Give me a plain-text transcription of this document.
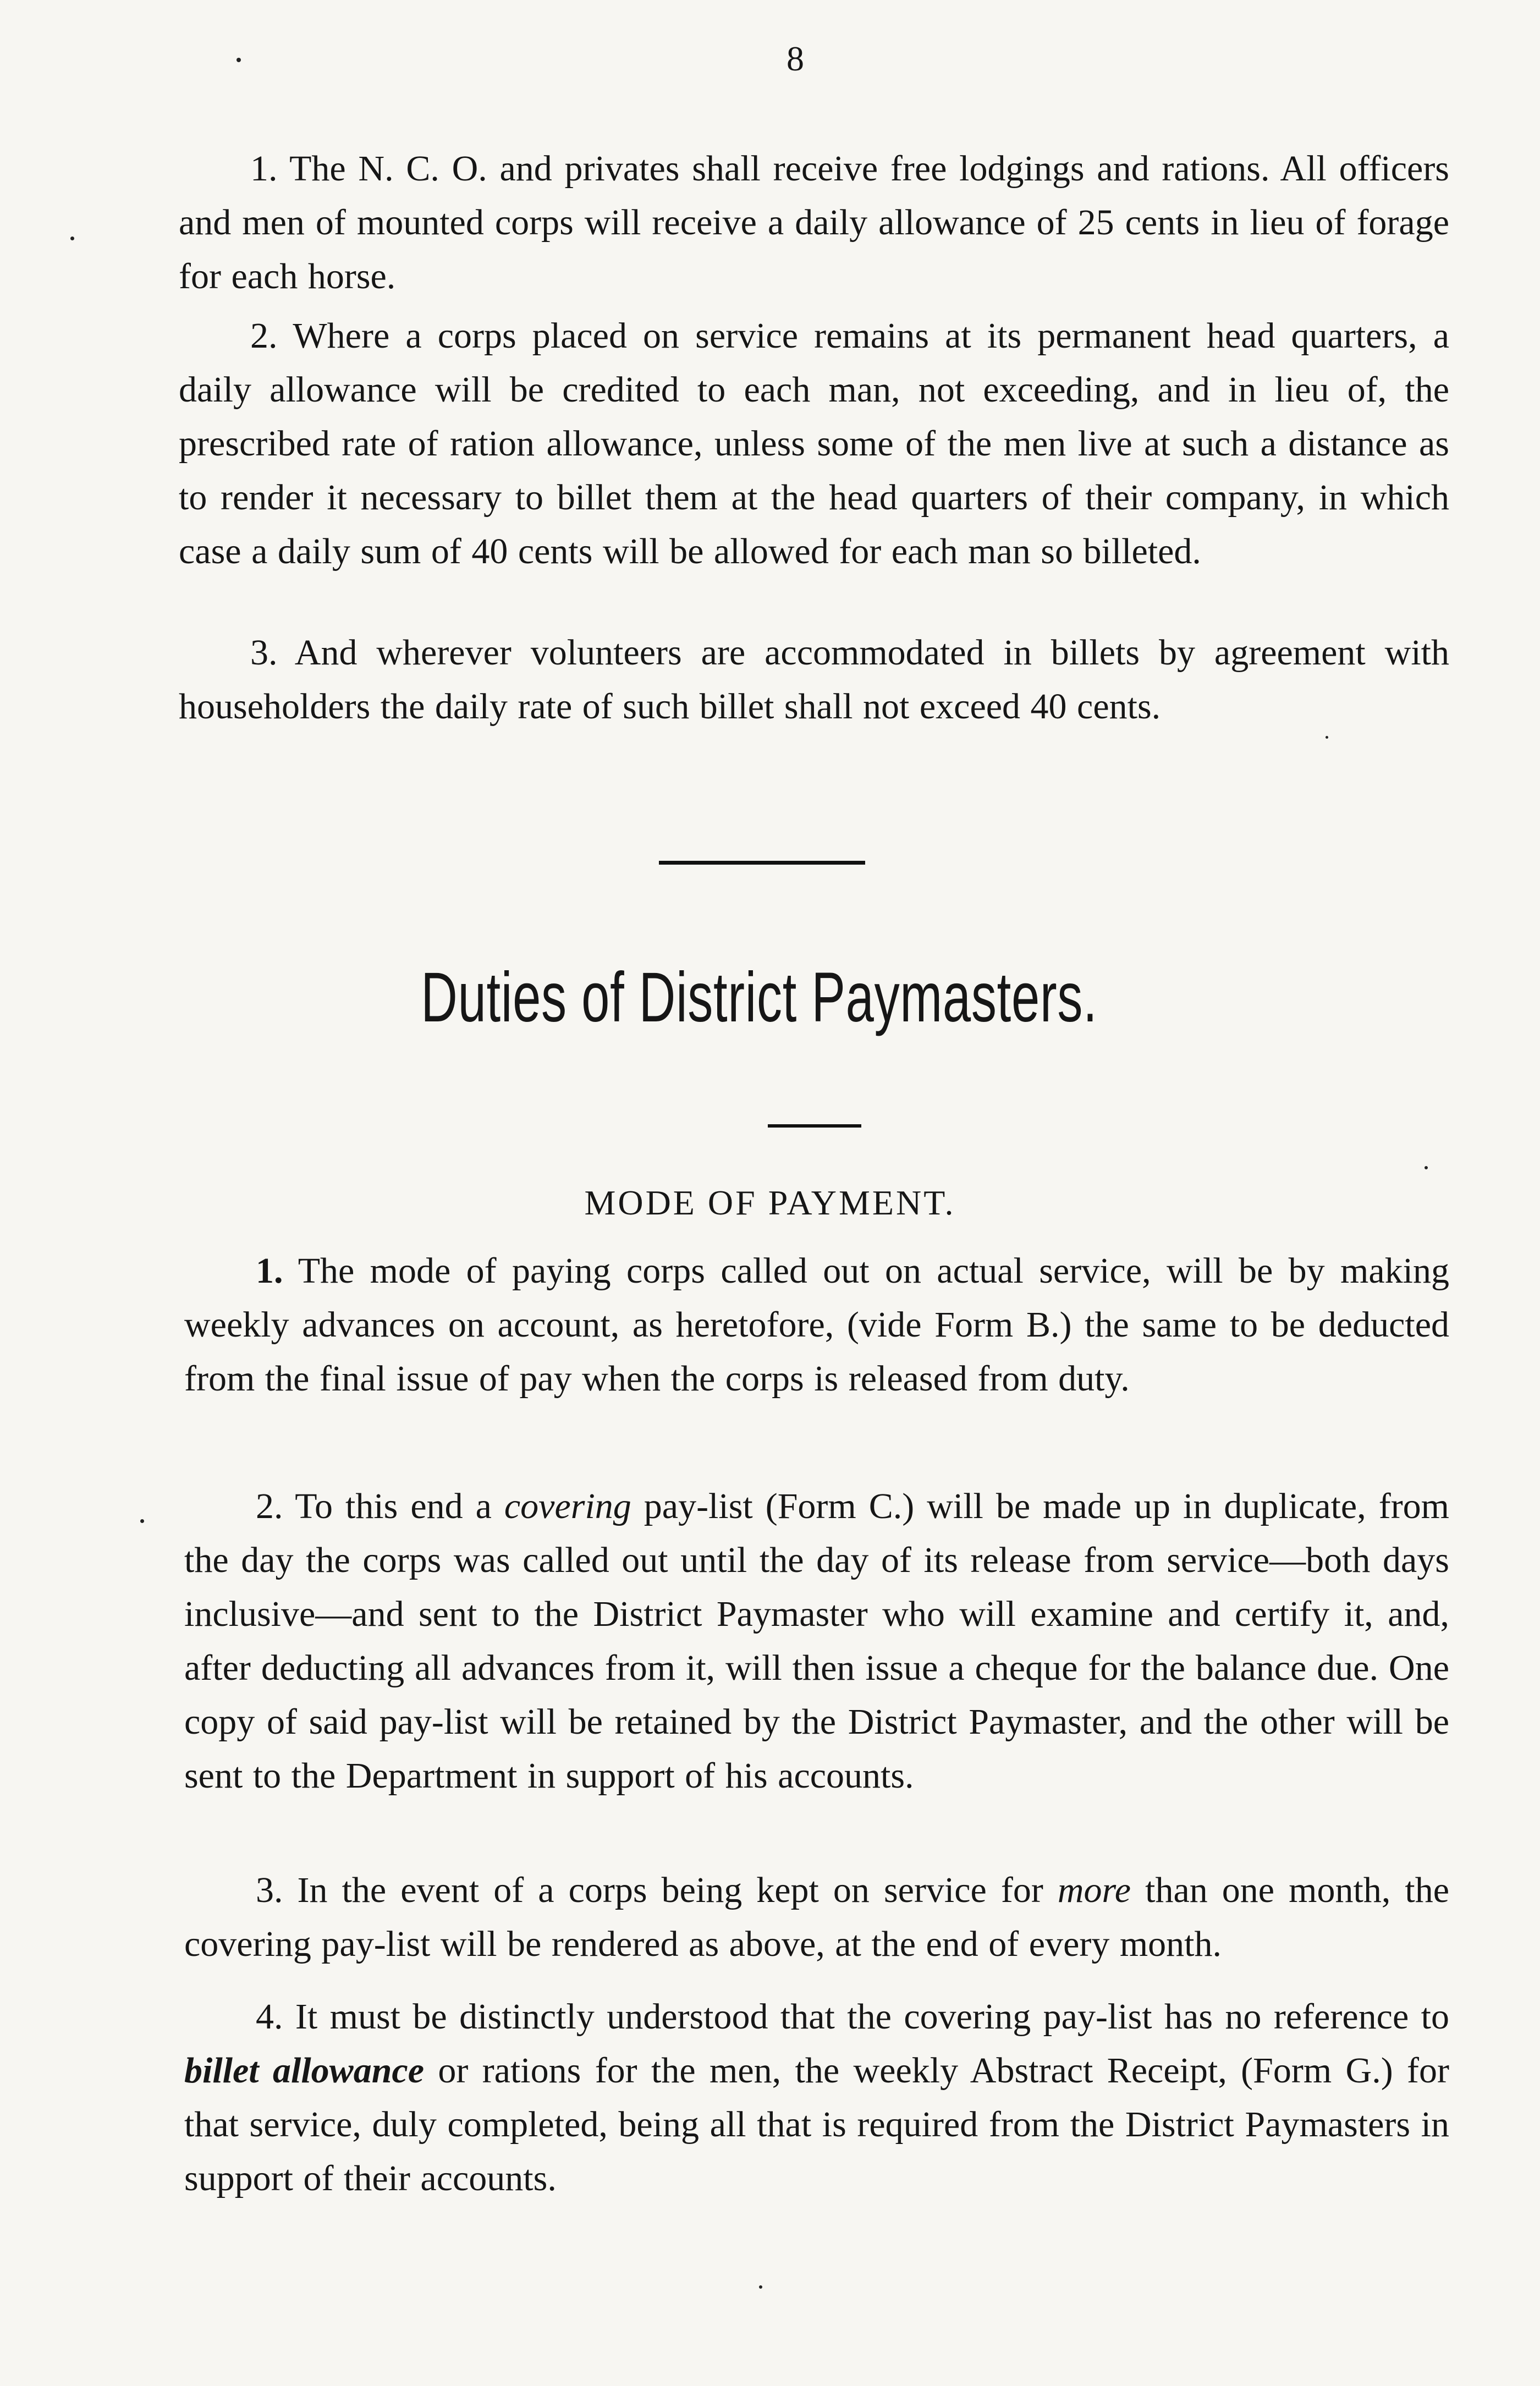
8

1. The N. C. O. and privates shall receive free lodgings and rations. All officers and men of mounted corps will receive a daily allowance of 25 cents in lieu of forage for each horse.

2. Where a corps placed on service remains at its permanent head quarters, a daily allowance will be credited to each man, not exceeding, and in lieu of, the prescribed rate of ration allowance, unless some of the men live at such a distance as to render it necessary to billet them at the head quarters of their company, in which case a daily sum of 40 cents will be allowed for each man so billeted.

3. And wherever volunteers are accommodated in billets by agreement with householders the daily rate of such billet shall not exceed 40 cents.

Duties of District Paymasters.
MODE OF PAYMENT.

1. The mode of paying corps called out on actual service, will be by making weekly advances on account, as heretofore, (vide Form B.) the same to be deducted from the final issue of pay when the corps is released from duty.

2. To this end a covering pay-list (Form C.) will be made up in duplicate, from the day the corps was called out until the day of its release from service—both days inclusive—and sent to the District Paymaster who will examine and certify it, and, after deducting all advances from it, will then issue a cheque for the balance due. One copy of said pay-list will be retained by the District Paymaster, and the other will be sent to the Department in support of his accounts.

3. In the event of a corps being kept on service for more than one month, the covering pay-list will be rendered as above, at the end of every month.

4. It must be distinctly understood that the covering pay-list has no reference to billet allowance or rations for the men, the weekly Abstract Receipt, (Form G.) for that service, duly completed, being all that is required from the District Paymasters in support of their accounts.
